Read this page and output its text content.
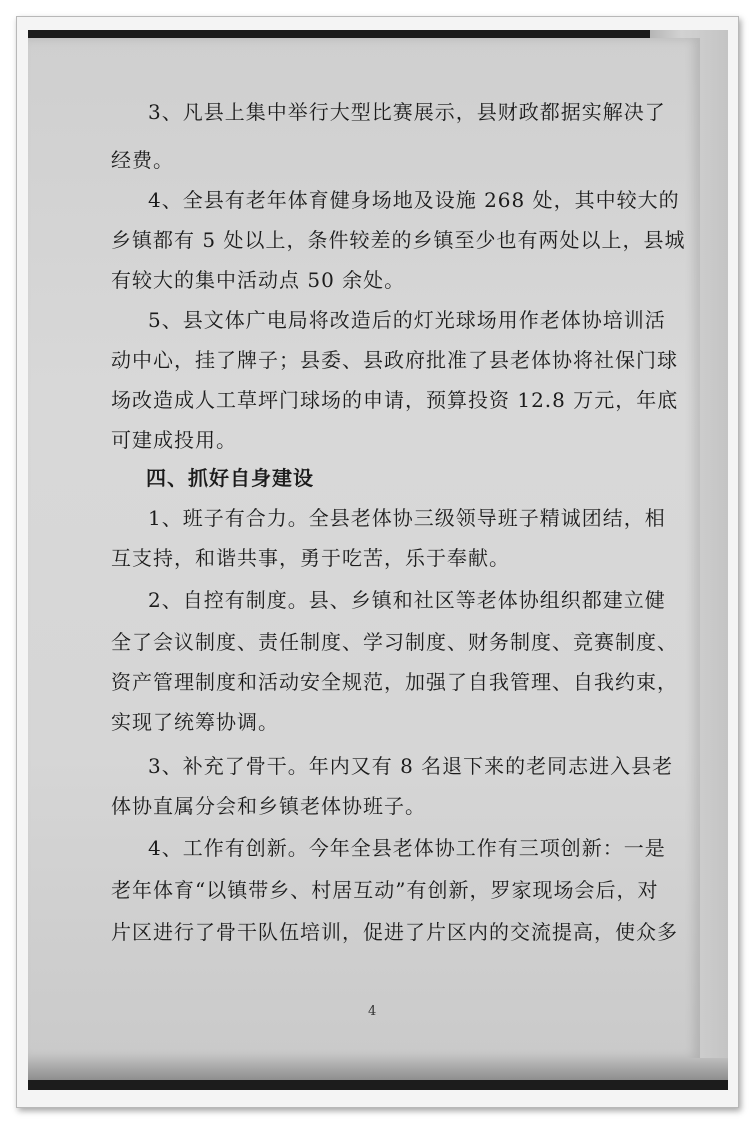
3、凡县上集中举行大型比赛展示，县财政都据实解决了

经费。

4、全县有老年体育健身场地及设施 268 处，其中较大的

乡镇都有 5 处以上，条件较差的乡镇至少也有两处以上，县城

有较大的集中活动点 50 余处。

5、县文体广电局将改造后的灯光球场用作老体协培训活

动中心，挂了牌子；县委、县政府批准了县老体协将社保门球

场改造成人工草坪门球场的申请，预算投资 12.8 万元，年底

可建成投用。

四、抓好自身建设

1、班子有合力。全县老体协三级领导班子精诚团结，相

互支持，和谐共事，勇于吃苦，乐于奉献。

2、自控有制度。县、乡镇和社区等老体协组织都建立健

全了会议制度、责任制度、学习制度、财务制度、竞赛制度、

资产管理制度和活动安全规范，加强了自我管理、自我约束，

实现了统筹协调。

3、补充了骨干。年内又有 8 名退下来的老同志进入县老

体协直属分会和乡镇老体协班子。

4、工作有创新。今年全县老体协工作有三项创新：一是

老年体育“以镇带乡、村居互动”有创新，罗家现场会后，对

片区进行了骨干队伍培训，促进了片区内的交流提高，使众多

4
